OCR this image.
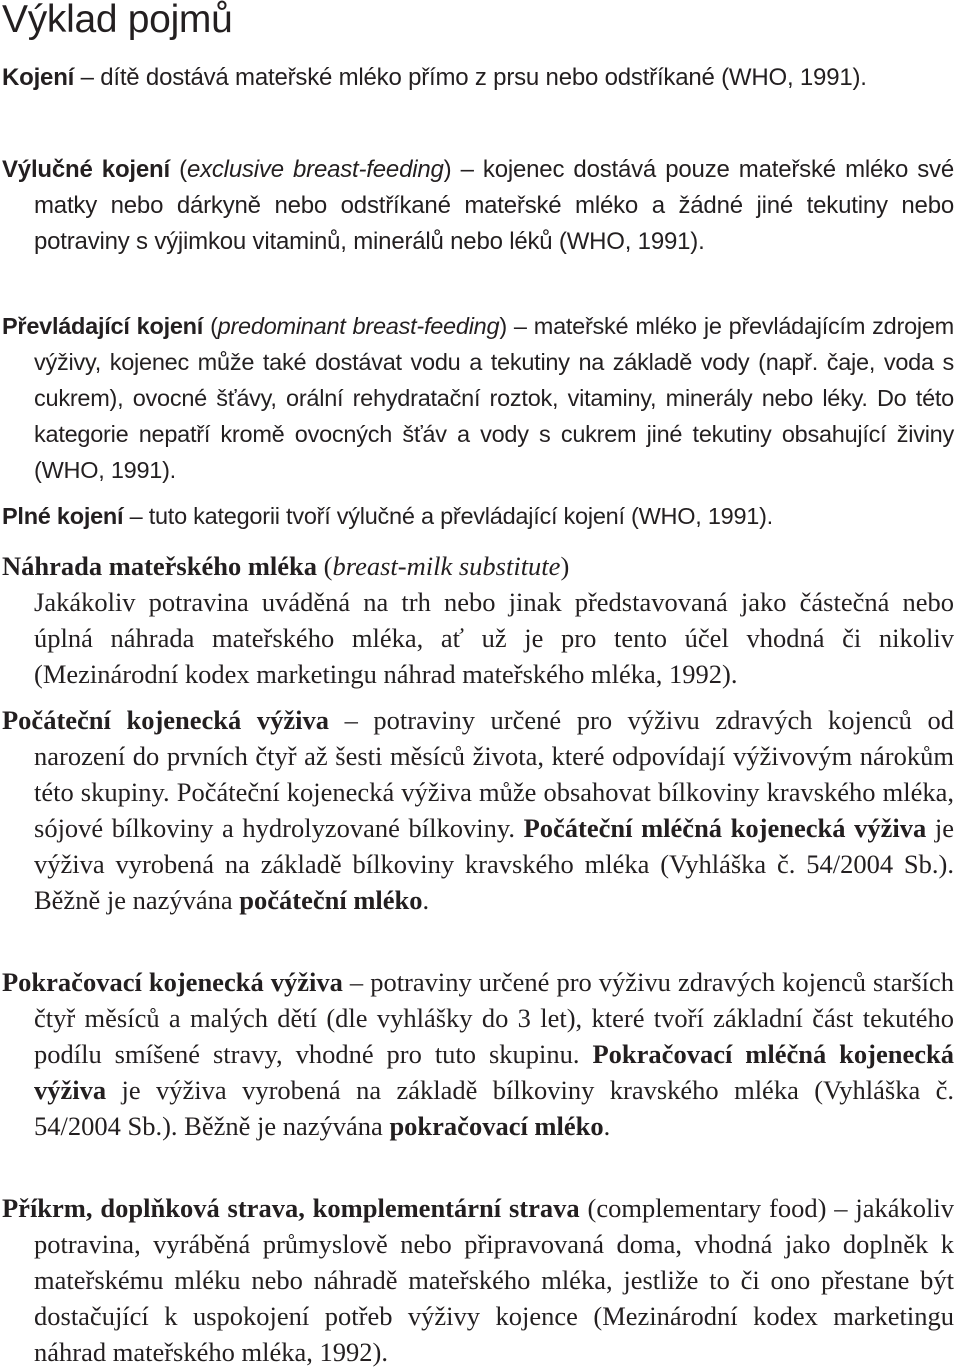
Výklad pojmů

Kojení – dítě dostává mateřské mléko přímo z prsu nebo odstříkané (WHO, 1991).

Výlučné kojení (exclusive breast-feeding) – kojenec dostává pouze mateřské mléko své matky nebo dárkyně nebo odstříkané mateřské mléko a žádné jiné tekutiny nebo potraviny s výjimkou vitaminů, minerálů nebo léků (WHO, 1991).

Převládající kojení (predominant breast-feeding) – mateřské mléko je převládajícím zdrojem výživy, kojenec může také dostávat vodu a tekutiny na základě vody (např. čaje, voda s cukrem), ovocné šťávy, orální rehydratační roztok, vitaminy, minerály nebo léky. Do této kategorie nepatří kromě ovocných šťáv a vody s cukrem jiné tekutiny obsahující živiny (WHO, 1991).

Plné kojení – tuto kategorii tvoří výlučné a převládající kojení (WHO, 1991).

Náhrada mateřského mléka (breast-milk substitute)
Jakákoliv potravina uváděná na trh nebo jinak představovaná jako částečná nebo úplná náhrada mateřského mléka, ať už je pro tento účel vhodná či nikoliv (Mezinárodní kodex marketingu náhrad mateřského mléka, 1992).

Počáteční kojenecká výživa – potraviny určené pro výživu zdravých kojenců od narození do prvních čtyř až šesti měsíců života, které odpovídají výživovým nárokům této skupiny. Počáteční kojenecká výživa může obsahovat bílkoviny kravského mléka, sójové bílkoviny a hydrolyzované bílkoviny. Počáteční mléčná kojenecká výživa je výživa vyrobená na základě bílkoviny kravského mléka (Vyhláška č. 54/2004 Sb.). Běžně je nazývána počáteční mléko.

Pokračovací kojenecká výživa – potraviny určené pro výživu zdravých kojenců starších čtyř měsíců a malých dětí (dle vyhlášky do 3 let), které tvoří základní část tekutého podílu smíšené stravy, vhodné pro tuto skupinu. Pokračovací mléčná kojenecká výživa je výživa vyrobená na základě bílkoviny kravského mléka (Vyhláška č. 54/2004 Sb.). Běžně je nazývána pokračovací mléko.

Příkrm, doplňková strava, komplementární strava (complementary food) – jakákoliv potravina, vyráběná průmyslově nebo připravovaná doma, vhodná jako doplněk k mateřskému mléku nebo náhradě mateřského mléka, jestliže to či ono přestane být dostačující k uspokojení potřeb výživy kojence (Mezinárodní kodex marketingu náhrad mateřského mléka, 1992).
